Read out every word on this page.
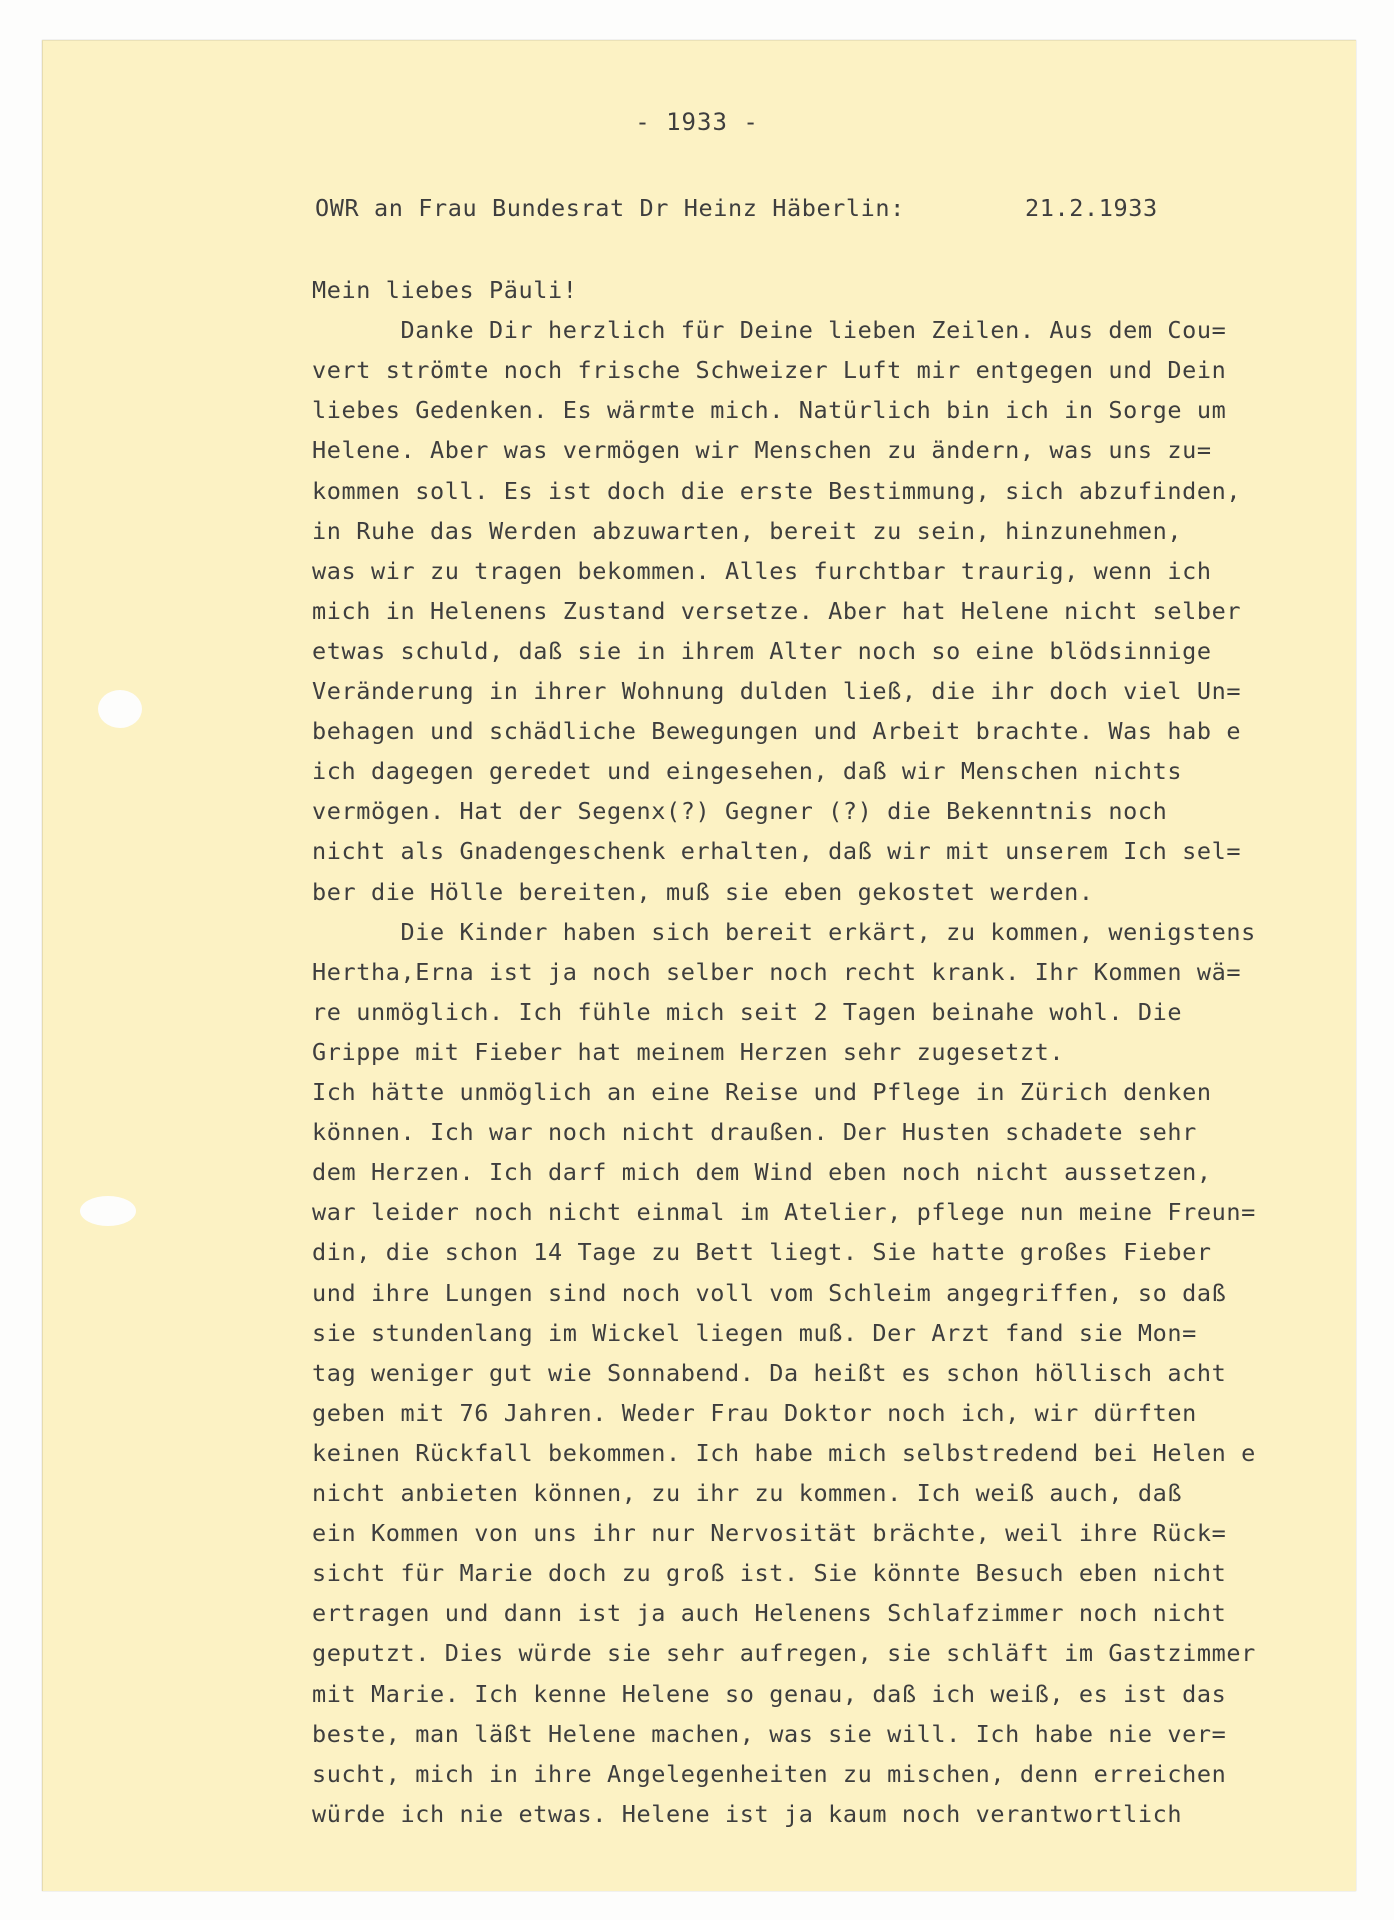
- 1933 -
OWR an Frau Bundesrat Dr Heinz Häberlin:	21.2.1933
Mein liebes Päuli!
Danke Dir herzlich für Deine lieben Zeilen. Aus dem Cou=
vert strömte noch frische Schweizer Luft mir entgegen und Dein
liebes Gedenken. Es wärmte mich. Natürlich bin ich in Sorge um
Helene. Aber was vermögen wir Menschen zu ändern, was uns zu=
kommen soll. Es ist doch die erste Bestimmung, sich abzufinden,
in Ruhe das Werden abzuwarten, bereit zu sein, hinzunehmen,
was wir zu tragen bekommen. Alles furchtbar traurig, wenn ich
mich in Helenens Zustand versetze. Aber hat Helene nicht selber
etwas schuld, daß sie in ihrem Alter noch so eine blödsinnige
Veränderung in ihrer Wohnung dulden ließ, die ihr doch viel Un=
behagen und schädliche Bewegungen und Arbeit brachte. Was hab e
ich dagegen geredet und eingesehen, daß wir Menschen nichts
vermögen. Hat der Segenx(?) Gegner (?) die Bekenntnis noch
nicht als Gnadengeschenk erhalten, daß wir mit unserem Ich sel=
ber die Hölle bereiten, muß sie eben gekostet werden.
Die Kinder haben sich bereit erkärt, zu kommen, wenigstens
Hertha,Erna ist ja noch selber noch recht krank. Ihr Kommen wä=
re unmöglich. Ich fühle mich seit 2 Tagen beinahe wohl. Die
Grippe mit Fieber hat meinem Herzen sehr zugesetzt.
Ich hätte unmöglich an eine Reise und Pflege in Zürich denken
können. Ich war noch nicht draußen. Der Husten schadete sehr
dem Herzen. Ich darf mich dem Wind eben noch nicht aussetzen,
war leider noch nicht einmal im Atelier, pflege nun meine Freun=
din, die schon 14 Tage zu Bett liegt. Sie hatte großes Fieber
und ihre Lungen sind noch voll vom Schleim angegriffen, so daß
sie stundenlang im Wickel liegen muß. Der Arzt fand sie Mon=
tag weniger gut wie Sonnabend. Da heißt es schon höllisch acht
geben mit 76 Jahren. Weder Frau Doktor noch ich, wir dürften
keinen Rückfall bekommen. Ich habe mich selbstredend bei Helen e
nicht anbieten können, zu ihr zu kommen. Ich weiß auch, daß
ein Kommen von uns ihr nur Nervosität brächte, weil ihre Rück=
sicht für Marie doch zu groß ist. Sie könnte Besuch eben nicht
ertragen und dann ist ja auch Helenens Schlafzimmer noch nicht
geputzt. Dies würde sie sehr aufregen, sie schläft im Gastzimmer
mit Marie. Ich kenne Helene so genau, daß ich weiß, es ist das
beste, man läßt Helene machen, was sie will. Ich habe nie ver=
sucht, mich in ihre Angelegenheiten zu mischen, denn erreichen
würde ich nie etwas. Helene ist ja kaum noch verantwortlich
